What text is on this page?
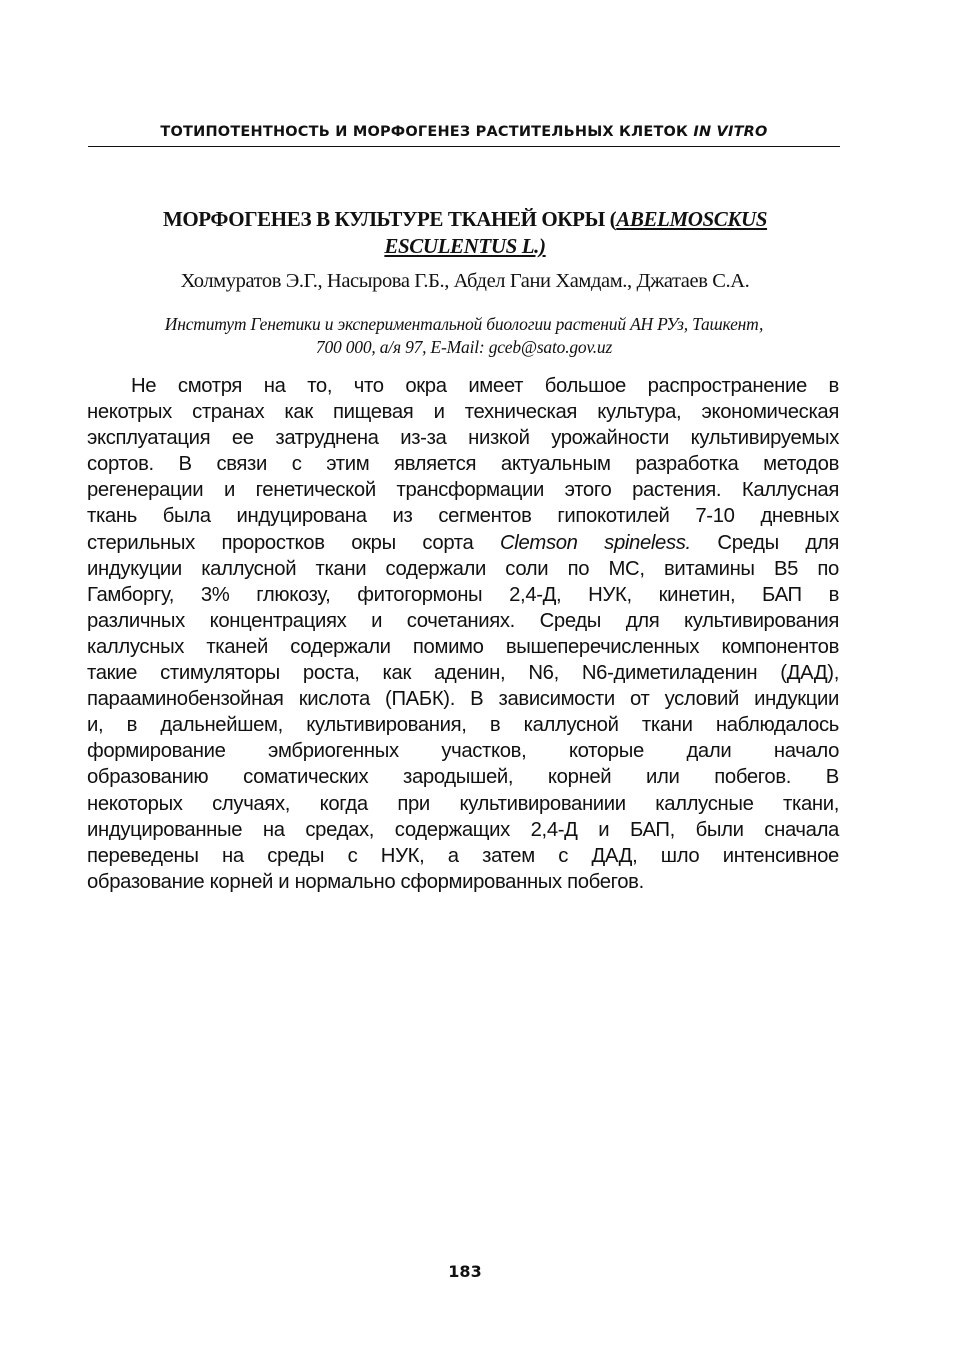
ТОТИПОТЕНТНОСТЬ И МОРФОГЕНЕЗ РАСТИТЕЛЬНЫХ КЛЕТОК IN VITRO
МОРФОГЕНЕЗ В КУЛЬТУРЕ ТКАНЕЙ ОКРЫ (ABELMOSCKUS
ESCULENTUS L.)
Холмуратов Э.Г., Насырова Г.Б., Абдел Гани Хамдам., Джатаев С.А.
Институт Генетики и экспериментальной биологии растений АН РУз, Ташкент,
700 000, а/я 97, E-Mail: gceb@sato.gov.uz
Не смотря на то, что окра имеет большое распространение в
некотрых странах как пищевая и техническая культура, экономическая
эксплуатация ее затруднена из-за низкой урожайности культивируемых
сортов. В связи с этим является актуальным разработка методов
регенерации и генетической трансформации этого растения. Каллусная
ткань была индуцирована из сегментов гипокотилей 7-10 дневных
стерильных проростков окры сорта Clemson spineless. Среды для
индукуции каллусной ткани содержали соли по МС, витамины В5 по
Гамборгу, 3% глюкозу, фитогормоны 2,4-Д, НУК, кинетин, БАП в
различных концентрациях и сочетаниях. Среды для культивирования
каллусных тканей содержали помимо вышеперечисленных компонентов
такие стимуляторы роста, как аденин, N6, N6-диметиладенин (ДАД),
парааминобензойная кислота (ПАБК). В зависимости от условий индукции
и, в дальнейшем, культивирования, в каллусной ткани наблюдалось
формирование эмбриогенных участков, которые дали начало
образованию соматических зародышей, корней или побегов. В
некоторых случаях, когда при культивированиии каллусные ткани,
индуцированные на средах, содержащих 2,4-Д и БАП, были сначала
переведены на среды с НУК, а затем с ДАД, шло интенсивное
образование корней и нормально сформированных побегов.
183
